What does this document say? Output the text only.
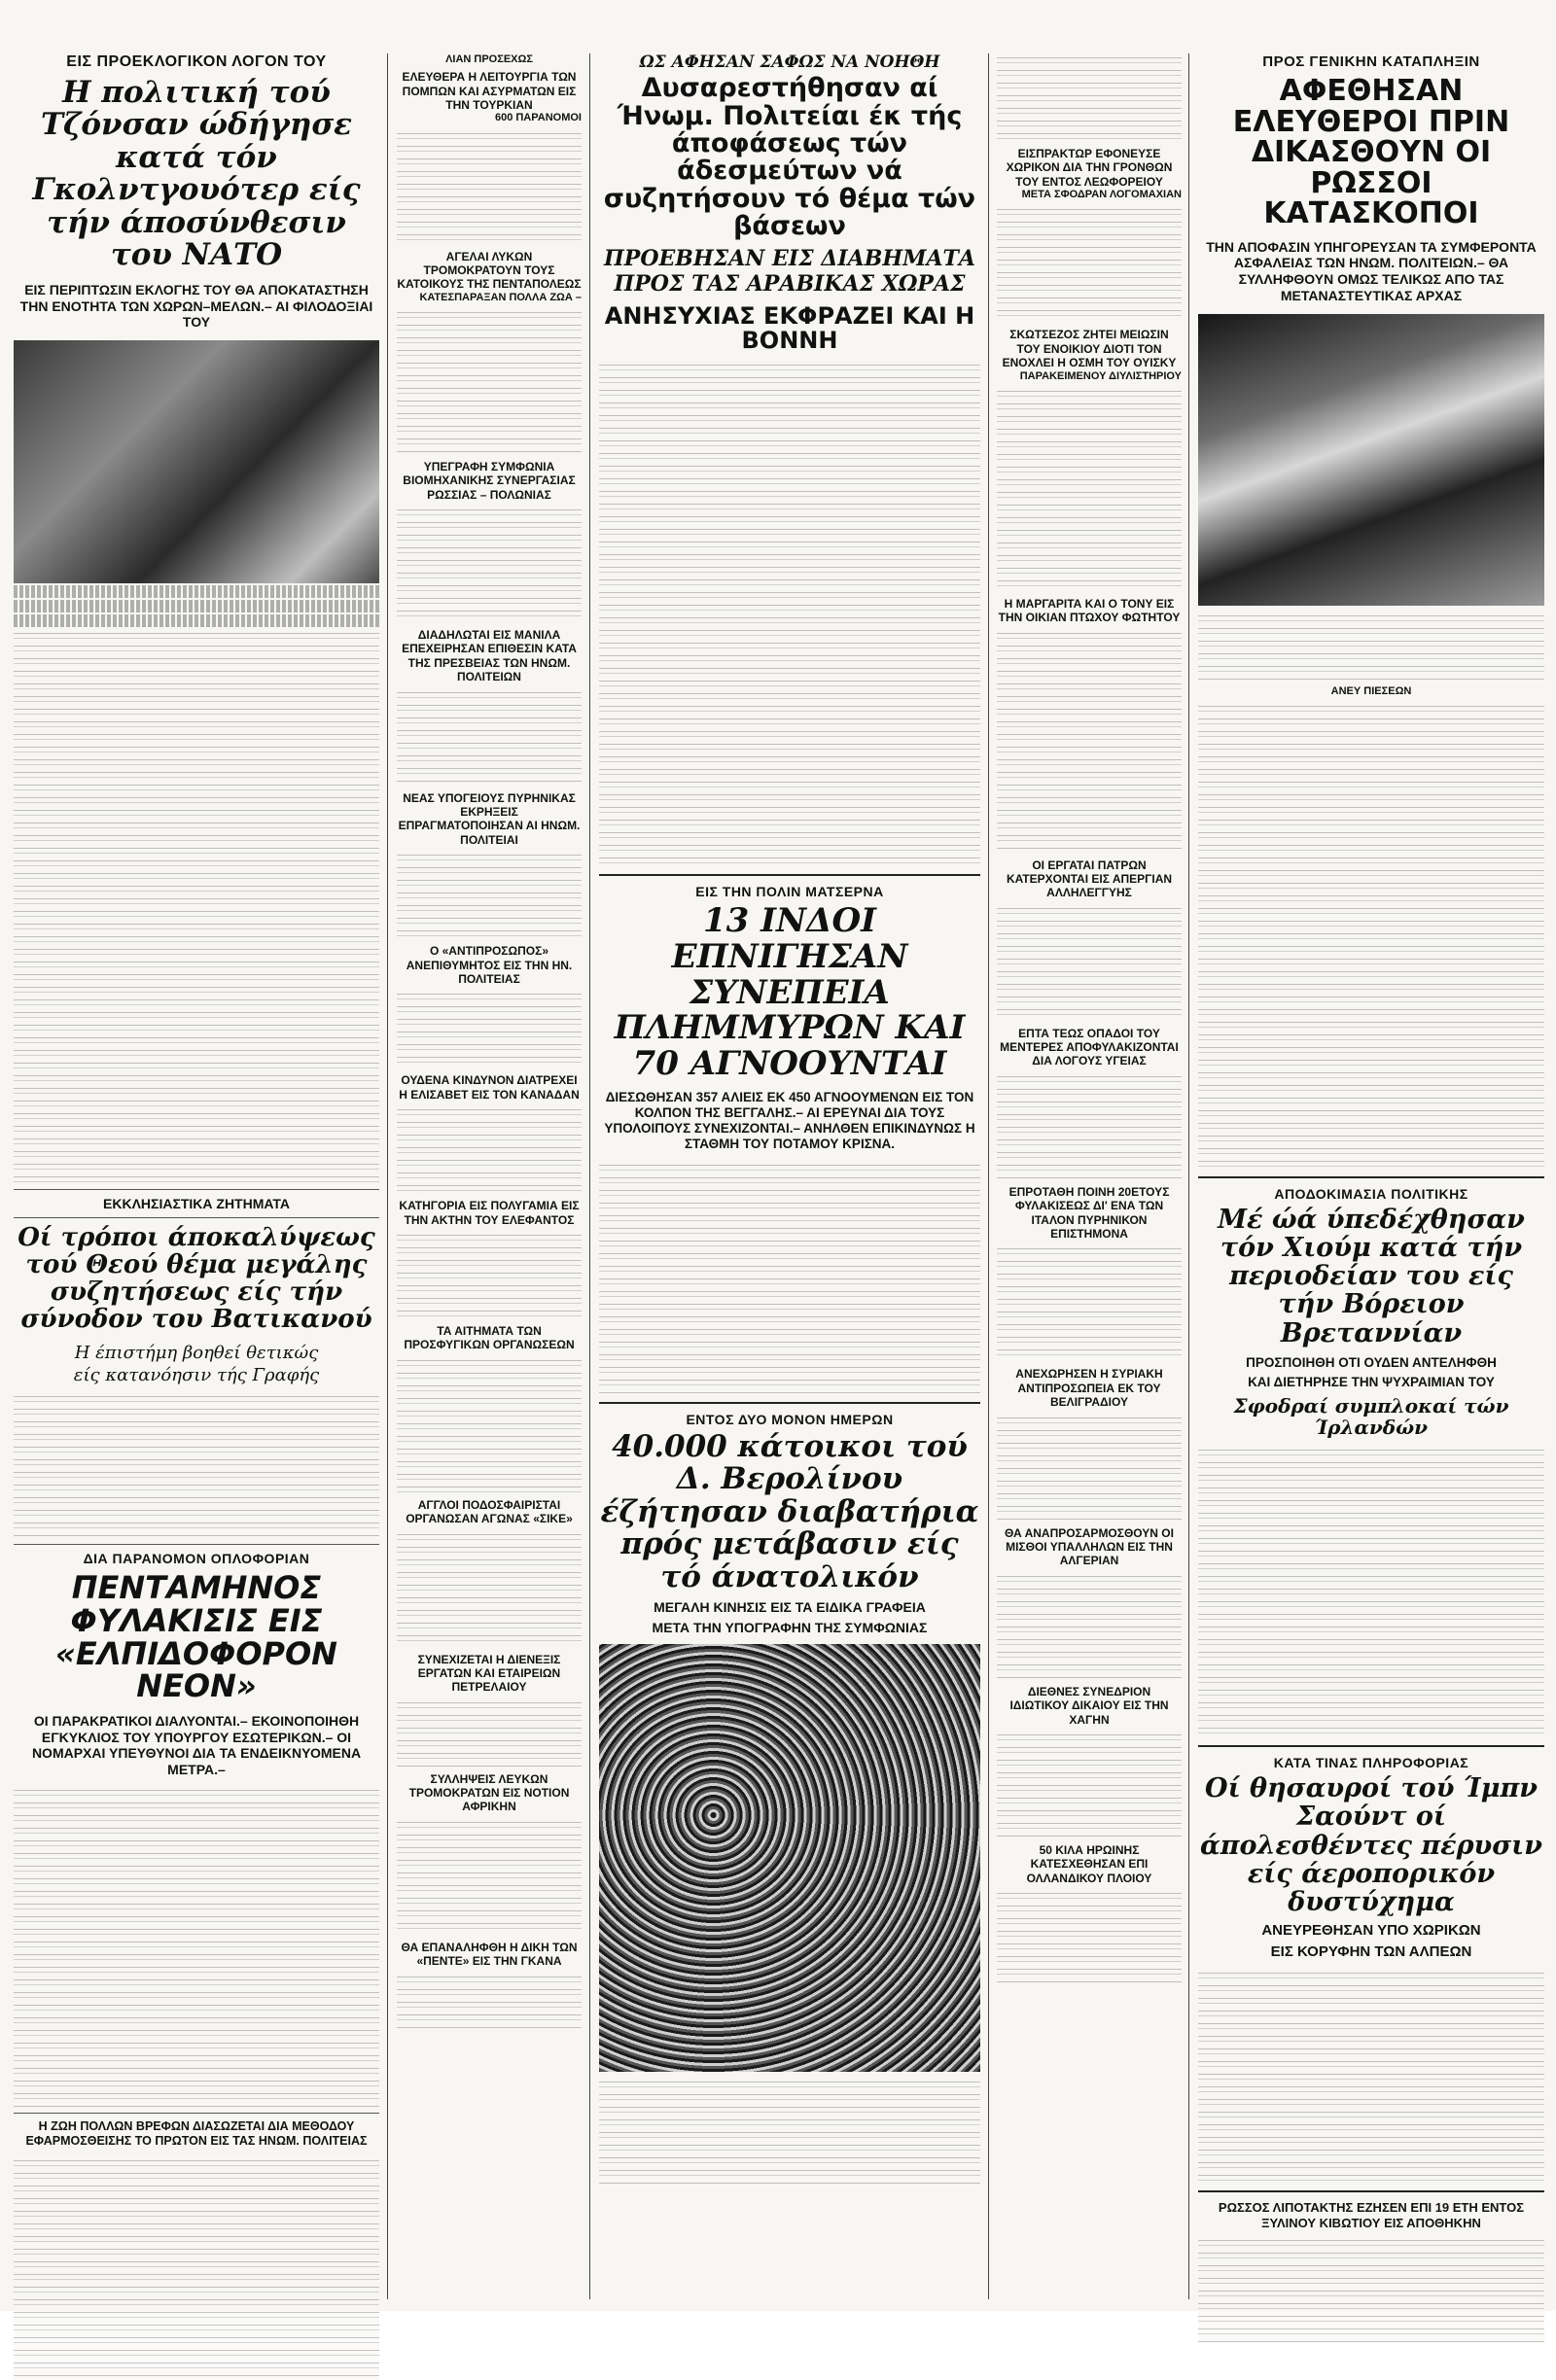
ΕΙΣ ΠΡΟΕΚΛΟΓΙΚΟΝ ΛΟΓΟΝ ΤΟΥ
Η πολιτική τού Τζόνσαν ώδήγησε κατά τόν Γκολντγουότερ είς τήν άποσύνθεσιν του ΝΑΤΟ
ΕΙΣ ΠΕΡΙΠΤΩΣΙΝ ΕΚΛΟΓΗΣ ΤΟΥ ΘΑ ΑΠΟΚΑΤΑΣΤΗΣΗ ΤΗΝ ΕΝΟΤΗΤΑ ΤΩΝ ΧΩΡΩΝ–ΜΕΛΩΝ.– ΑΙ ΦΙΛΟΔΟΞΙΑΙ ΤΟΥ
ΕΚΚΛΗΣΙΑΣΤΙΚΑ ΖΗΤΗΜΑΤΑ
Οί τρόποι άποκαλύψεως τού Θεού θέμα μεγάλης συζητήσεως είς τήν σύνοδον του Βατικανού
Η έπιστήμη βοηθεί θετικώς
είς κατανόησιν τής Γραφής
ΔΙΑ ΠΑΡΑΝΟΜΟΝ ΟΠΛΟΦΟΡΙΑΝ
ΠΕΝΤΑΜΗΝΟΣ ΦΥΛΑΚΙΣΙΣ ΕΙΣ «ΕΛΠΙΔΟΦΟΡΟΝ ΝΕΟΝ»
ΟΙ ΠΑΡΑΚΡΑΤΙΚΟΙ ΔΙΑΛΥΟΝΤΑΙ.– ΕΚΟΙΝΟΠΟΙΗΘΗ ΕΓΚΥΚΛΙΟΣ ΤΟΥ ΥΠΟΥΡΓΟΥ ΕΣΩΤΕΡΙΚΩΝ.– ΟΙ ΝΟΜΑΡΧΑΙ ΥΠΕΥΘΥΝΟΙ ΔΙΑ ΤΑ ΕΝΔΕΙΚΝΥΟΜΕΝΑ ΜΕΤΡΑ.–
Η ΖΩΗ ΠΟΛΛΩΝ ΒΡΕΦΩΝ ΔΙΑΣΩΖΕΤΑΙ ΔΙΑ ΜΕΘΟΔΟΥ ΕΦΑΡΜΟΣΘΕΙΣΗΣ ΤΟ ΠΡΩΤΟΝ ΕΙΣ ΤΑΣ ΗΝΩΜ. ΠΟΛΙΤΕΙΑΣ
ΛΙΑΝ ΠΡΟΣΕΧΩΣ
ΕΛΕΥΘΕΡΑ Η ΛΕΙΤΟΥΡΓΙΑ ΤΩΝ ΠΟΜΠΩΝ ΚΑΙ ΑΣΥΡΜΑΤΩΝ ΕΙΣ ΤΗΝ ΤΟΥΡΚΙΑΝ
600 ΠΑΡΑΝΟΜΟΙ
ΑΓΕΛΑΙ ΛΥΚΩΝ ΤΡΟΜΟΚΡΑΤΟΥΝ ΤΟΥΣ ΚΑΤΟΙΚΟΥΣ ΤΗΣ ΠΕΝΤΑΠΟΛΕΩΣ
ΚΑΤΕΣΠΑΡΑΞΑΝ ΠΟΛΛΑ ΖΩΑ –
ΥΠΕΓΡΑΦΗ ΣΥΜΦΩΝΙΑ ΒΙΟΜΗΧΑΝΙΚΗΣ ΣΥΝΕΡΓΑΣΙΑΣ ΡΩΣΣΙΑΣ – ΠΟΛΩΝΙΑΣ
ΔΙΑΔΗΛΩΤΑΙ ΕΙΣ ΜΑΝΙΛΑ ΕΠΕΧΕΙΡΗΣΑΝ ΕΠΙΘΕΣΙΝ ΚΑΤΑ ΤΗΣ ΠΡΕΣΒΕΙΑΣ ΤΩΝ ΗΝΩΜ. ΠΟΛΙΤΕΙΩΝ
ΝΕΑΣ ΥΠΟΓΕΙΟΥΣ ΠΥΡΗΝΙΚΑΣ ΕΚΡΗΞΕΙΣ ΕΠΡΑΓΜΑΤΟΠΟΙΗΣΑΝ ΑΙ ΗΝΩΜ. ΠΟΛΙΤΕΙΑΙ
Ο «ΑΝΤΙΠΡΟΣΩΠΟΣ» ΑΝΕΠΙΘΥΜΗΤΟΣ ΕΙΣ ΤΗΝ ΗΝ. ΠΟΛΙΤΕΙΑΣ
ΟΥΔΕΝΑ ΚΙΝΔΥΝΟΝ ΔΙΑΤΡΕΧΕΙ Η ΕΛΙΣΑΒΕΤ ΕΙΣ ΤΟΝ ΚΑΝΑΔΑΝ
ΚΑΤΗΓΟΡΙΑ ΕΙΣ ΠΟΛΥΓΑΜΙΑ ΕΙΣ ΤΗΝ ΑΚΤΗΝ ΤΟΥ ΕΛΕΦΑΝΤΟΣ
ΤΑ ΑΙΤΗΜΑΤΑ ΤΩΝ ΠΡΟΣΦΥΓΙΚΩΝ ΟΡΓΑΝΩΣΕΩΝ
ΑΓΓΛΟΙ ΠΟΔΟΣΦΑΙΡΙΣΤΑΙ ΟΡΓΑΝΩΣΑΝ ΑΓΩΝΑΣ «ΣΙΚΕ»
ΣΥΝΕΧΙΖΕΤΑΙ Η ΔΙΕΝΕΞΙΣ ΕΡΓΑΤΩΝ ΚΑΙ ΕΤΑΙΡΕΙΩΝ ΠΕΤΡΕΛΑΙΟΥ
ΣΥΛΛΗΨΕΙΣ ΛΕΥΚΩΝ ΤΡΟΜΟΚΡΑΤΩΝ ΕΙΣ ΝΟΤΙΟΝ ΑΦΡΙΚΗΝ
ΘΑ ΕΠΑΝΑΛΗΦΘΗ Η ΔΙΚΗ ΤΩΝ «ΠΕΝΤΕ» ΕΙΣ ΤΗΝ ΓΚΑΝΑ
ΩΣ ΑΦΗΣΑΝ ΣΑΦΩΣ ΝΑ ΝΟΗΘΗ
Δυσαρεστήθησαν αί Ήνωμ. Πολιτείαι έκ τής άποφάσεως τών άδεσμεύτων νά συζητήσουν τό θέμα τών βάσεων
ΠΡΟΕΒΗΣΑΝ ΕΙΣ ΔΙΑΒΗΜΑΤΑ
ΠΡΟΣ ΤΑΣ ΑΡΑΒΙΚΑΣ ΧΩΡΑΣ
ΑΝΗΣΥΧΙΑΣ ΕΚΦΡΑΖΕΙ ΚΑΙ Η ΒΟΝΝΗ
ΕΙΣ ΤΗΝ ΠΟΛΙΝ ΜΑΤΣΕΡΝΑ
13 ΙΝΔΟΙ ΕΠΝΙΓΗΣΑΝ ΣΥΝΕΠΕΙΑ ΠΛΗΜΜΥΡΩΝ ΚΑΙ 70 ΑΓΝΟΟΥΝΤΑΙ
ΔΙΕΣΩΘΗΣΑΝ 357 ΑΛΙΕΙΣ ΕΚ 450 ΑΓΝΟΟΥΜΕΝΩΝ ΕΙΣ ΤΟΝ ΚΟΛΠΟΝ ΤΗΣ ΒΕΓΓΑΛΗΣ.– ΑΙ ΕΡΕΥΝΑΙ ΔΙΑ ΤΟΥΣ ΥΠΟΛΟΙΠΟΥΣ ΣΥΝΕΧΙΖΟΝΤΑΙ.– ΑΝΗΛΘΕΝ ΕΠΙΚΙΝΔΥΝΩΣ Η ΣΤΑΘΜΗ ΤΟΥ ΠΟΤΑΜΟΥ ΚΡΙΣΝΑ.
ΕΝΤΟΣ ΔΥΟ ΜΟΝΟΝ ΗΜΕΡΩΝ
40.000 κάτοικοι τού Δ. Βερολίνου έζήτησαν διαβατήρια πρός μετάβασιν είς τό άνατολικόν
ΜΕΓΑΛΗ ΚΙΝΗΣΙΣ ΕΙΣ ΤΑ ΕΙΔΙΚΑ ΓΡΑΦΕΙΑ
ΜΕΤΑ ΤΗΝ ΥΠΟΓΡΑΦΗΝ ΤΗΣ ΣΥΜΦΩΝΙΑΣ
ΕΙΣΠΡΑΚΤΩΡ ΕΦΟΝΕΥΣΕ ΧΩΡΙΚΟΝ ΔΙΑ ΤΗΝ ΓΡΟΝΘΩΝ ΤΟΥ ΕΝΤΟΣ ΛΕΩΦΟΡΕΙΟΥ
ΜΕΤΑ ΣΦΟΔΡΑΝ ΛΟΓΟΜΑΧΙΑΝ
ΣΚΩΤΣΕΖΟΣ ΖΗΤΕΙ ΜΕΙΩΣΙΝ ΤΟΥ ΕΝΟΙΚΙΟΥ ΔΙΟΤΙ ΤΟΝ ΕΝΟΧΛΕΙ Η ΟΣΜΗ ΤΟΥ ΟΥΙΣΚΥ
ΠΑΡΑΚΕΙΜΕΝΟΥ ΔΙΥΛΙΣΤΗΡΙΟΥ
Η ΜΑΡΓΑΡΙΤΑ ΚΑΙ Ο ΤΟΝΥ ΕΙΣ ΤΗΝ ΟΙΚΙΑΝ ΠΤΩΧΟΥ ΦΩΤΗΤΟΥ
ΟΙ ΕΡΓΑΤΑΙ ΠΑΤΡΩΝ ΚΑΤΕΡΧΟΝΤΑΙ ΕΙΣ ΑΠΕΡΓΙΑΝ ΑΛΛΗΛΕΓΓΥΗΣ
ΕΠΤΑ ΤΕΩΣ ΟΠΑΔΟΙ ΤΟΥ ΜΕΝΤΕΡΕΣ ΑΠΟΦΥΛΑΚΙΖΟΝΤΑΙ ΔΙΑ ΛΟΓΟΥΣ ΥΓΕΙΑΣ
ΕΠΡΟΤΑΘΗ ΠΟΙΝΗ 20ΕΤΟΥΣ ΦΥΛΑΚΙΣΕΩΣ ΔΙ' ΕΝΑ ΤΩΝ ΙΤΑΛΟΝ ΠΥΡΗΝΙΚΟΝ ΕΠΙΣΤΗΜΟΝΑ
ΑΝΕΧΩΡΗΣΕΝ Η ΣΥΡΙΑΚΗ ΑΝΤΙΠΡΟΣΩΠΕΙΑ ΕΚ ΤΟΥ ΒΕΛΙΓΡΑΔΙΟΥ
ΘΑ ΑΝΑΠΡΟΣΑΡΜΟΣΘΟΥΝ ΟΙ ΜΙΣΘΟΙ ΥΠΑΛΛΗΛΩΝ ΕΙΣ ΤΗΝ ΑΛΓΕΡΙΑΝ
ΔΙΕΘΝΕΣ ΣΥΝΕΔΡΙΟΝ ΙΔΙΩΤΙΚΟΥ ΔΙΚΑΙΟΥ ΕΙΣ ΤΗΝ ΧΑΓΗΝ
50 ΚΙΛΑ ΗΡΩΙΝΗΣ ΚΑΤΕΣΧΕΘΗΣΑΝ ΕΠΙ ΟΛΛΑΝΔΙΚΟΥ ΠΛΟΙΟΥ
ΠΡΟΣ ΓΕΝΙΚΗΝ ΚΑΤΑΠΛΗΞΙΝ
ΑΦΕΘΗΣΑΝ ΕΛΕΥΘΕΡΟΙ ΠΡΙΝ ΔΙΚΑΣΘΟΥΝ ΟΙ ΡΩΣΣΟΙ ΚΑΤΑΣΚΟΠΟΙ
ΤΗΝ ΑΠΟΦΑΣΙΝ ΥΠΗΓΟΡΕΥΣΑΝ ΤΑ ΣΥΜΦΕΡΟΝΤΑ ΑΣΦΑΛΕΙΑΣ ΤΩΝ ΗΝΩΜ. ΠΟΛΙΤΕΙΩΝ.– ΘΑ ΣΥΛΛΗΦΘΟΥΝ ΟΜΩΣ ΤΕΛΙΚΩΣ ΑΠΟ ΤΑΣ ΜΕΤΑΝΑΣΤΕΥΤΙΚΑΣ ΑΡΧΑΣ
ΑΝΕΥ ΠΙΕΣΕΩΝ
ΑΠΟΔΟΚΙΜΑΣΙΑ ΠΟΛΙΤΙΚΗΣ
Μέ ώά ύπεδέχθησαν τόν Χιούμ κατά τήν περιοδείαν του είς τήν Βόρειον Βρεταννίαν
ΠΡΟΣΠΟΙΗΘΗ ΟΤΙ ΟΥΔΕΝ ΑΝΤΕΛΗΦΘΗ
ΚΑΙ ΔΙΕΤΗΡΗΣΕ ΤΗΝ ΨΥΧΡΑΙΜΙΑΝ ΤΟΥ
Σφοδραί συμπλοκαί τών Ίρλανδών
ΚΑΤΑ ΤΙΝΑΣ ΠΛΗΡΟΦΟΡΙΑΣ
Οί θησαυροί τού Ίμπν Σαούντ οί άπολεσθέντες πέρυσιν είς άεροπορικόν δυστύχημα
ΑΝΕΥΡΕΘΗΣΑΝ ΥΠΟ ΧΩΡΙΚΩΝ
ΕΙΣ ΚΟΡΥΦΗΝ ΤΩΝ ΑΛΠΕΩΝ
ΡΩΣΣΟΣ ΛΙΠΟΤΑΚΤΗΣ ΕΖΗΣΕΝ ΕΠΙ 19 ΕΤΗ ΕΝΤΟΣ ΞΥΛΙΝΟΥ ΚΙΒΩΤΙΟΥ ΕΙΣ ΑΠΟΘΗΚΗΝ
